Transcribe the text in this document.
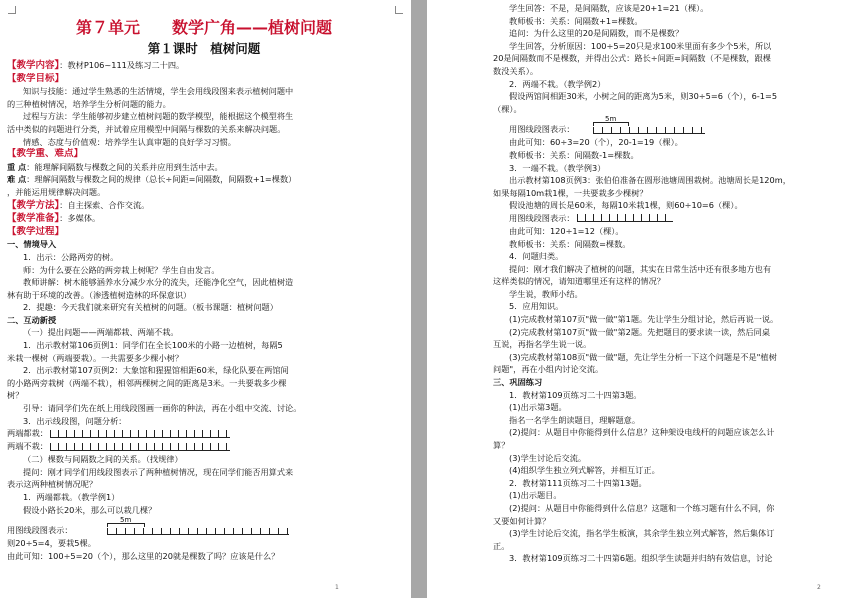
第７单元　　数学广角——植树问题
第１课时　植树问题
【教学内容】：教材P106~111及练习二十四。
【教学目标】
知识与技能：通过学生熟悉的生活情境，学生会用线段图来表示植树问题中
的三种植树情况，培养学生分析问题的能力。
过程与方法：学生能够初步建立植树问题的数学模型，能根据这个模型将生
活中类似的问题进行分类，并试着应用模型中间隔与棵数的关系来解决问题。
情感、态度与价值观：培养学生认真审题的良好学习习惯。
【教学重、难点】
重 点：能理解间隔数与棵数之间的关系并应用到生活中去。
难 点：理解间隔数与棵数之间的规律（总长÷间距=间隔数，间隔数+1=棵数）
，并能运用规律解决问题。
【教学方法】：自主探索、合作交流。
【教学准备】：多媒体。
【教学过程】
一、情境导入
1．出示：公路两旁的树。
师：为什么要在公路的两旁栽上树呢？学生自由发言。
教师讲解：树木能够涵养水分减少水分的流失，还能净化空气，因此植树造
林有助于环境的改善。（渗透植树造林的环保意识）
2．提趣：今天我们就来研究有关植树的问题。（板书课题：植树问题）
二、互动新授
（一）提出问题——两端都栽、两端不栽。
1．出示教材第106页例1：同学们在全长100米的小路一边植树，每隔5
米栽一棵树（两端要栽）。一共需要多少棵小树？
2．出示教材第107页例2：大象馆和猩猩馆相距60米，绿化队要在两馆间
的小路两旁栽树（两端不栽），相邻两棵树之间的距离是3米。一共要栽多少棵
树？
引导：请同学们先在纸上用线段图画一画你的种法，再在小组中交流、讨论。
3．出示线段图，问题分析：
两端都栽：
两端不栽：
（二）棵数与间隔数之间的关系。（找规律）
提问：刚才同学们用线段图表示了两种植树情况，现在同学们能否用算式来
表示这两种植树情况呢？
1．两端都栽。（教学例1）
假设小路长20米，那么可以栽几棵？
5m
用图线段图表示：
则20÷5=4，要栽5棵。
由此可知：100÷5=20（个），那么这里的20就是棵数了吗？应该是什么？
1
学生回答：不是，是间隔数，应该是20+1=21（棵）。
教师板书：关系：间隔数+1=棵数。
追问：为什么这里的20是间隔数，而不是棵数？
学生回答，分析原因：100÷5=20只是求100米里面有多少个5米，所以
20是间隔数而不是棵数，并得出公式：路长÷间距=间隔数（不是棵数，跟棵
数没关系）。
2．两端不栽。（教学例2）
假设两馆间相距30米，小树之间的距离为5米，则30÷5=6（个），6-1=5
（棵）。
5m
用图线段图表示：
由此可知：60÷3=20（个），20-1=19（棵）。
教师板书：关系：间隔数-1=棵数。
3．一端不栽。（教学例3）
出示教材第108页例3：张伯伯准备在圆形池塘周围栽树。池塘周长是120m，
如果每隔10m栽1棵，一共要栽多少棵树？
假设池塘的周长是60米，每隔10米栽1棵，则60÷10=6（棵）。
用图线段图表示：
由此可知：120÷1=12（棵）。
教师板书：关系：间隔数=棵数。
4．问题归类。
提问：刚才我们解决了植树的问题，其实在日常生活中还有很多地方也有
这样类似的情况，请知道哪里还有这样的情况？
学生说，教师小结。
5．应用知识。
(1)完成教材第107页"做一做"第1题。先让学生分组讨论，然后再说一说。
(2)完成教材第107页"做一做"第2题。先把题目的要求读一读，然后同桌
互说，再指名学生说一说。
(3)完成教材第108页"做一做"题，先让学生分析一下这个问题是不是"植树
问题"，再在小组内讨论交流。
三、巩固练习
1．教材第109页练习二十四第3题。
(1)出示第3题。
指名一名学生朗读题目，理解题意。
(2)提问：从题目中你能得到什么信息？这种架设电线杆的问题应该怎么计
算？
(3)学生讨论后交流。
(4)组织学生独立列式解答，并相互订正。
2．教材第111页练习二十四第13题。
(1)出示题目。
(2)提问：从题目中你能得到什么信息？这题和一个练习题有什么不同，你
又要如何计算？
(3)学生讨论后交流，指名学生板演，其余学生独立列式解答，然后集体订
正。
3．教材第109页练习二十四第6题。组织学生读题并归纳有效信息，讨论
2
